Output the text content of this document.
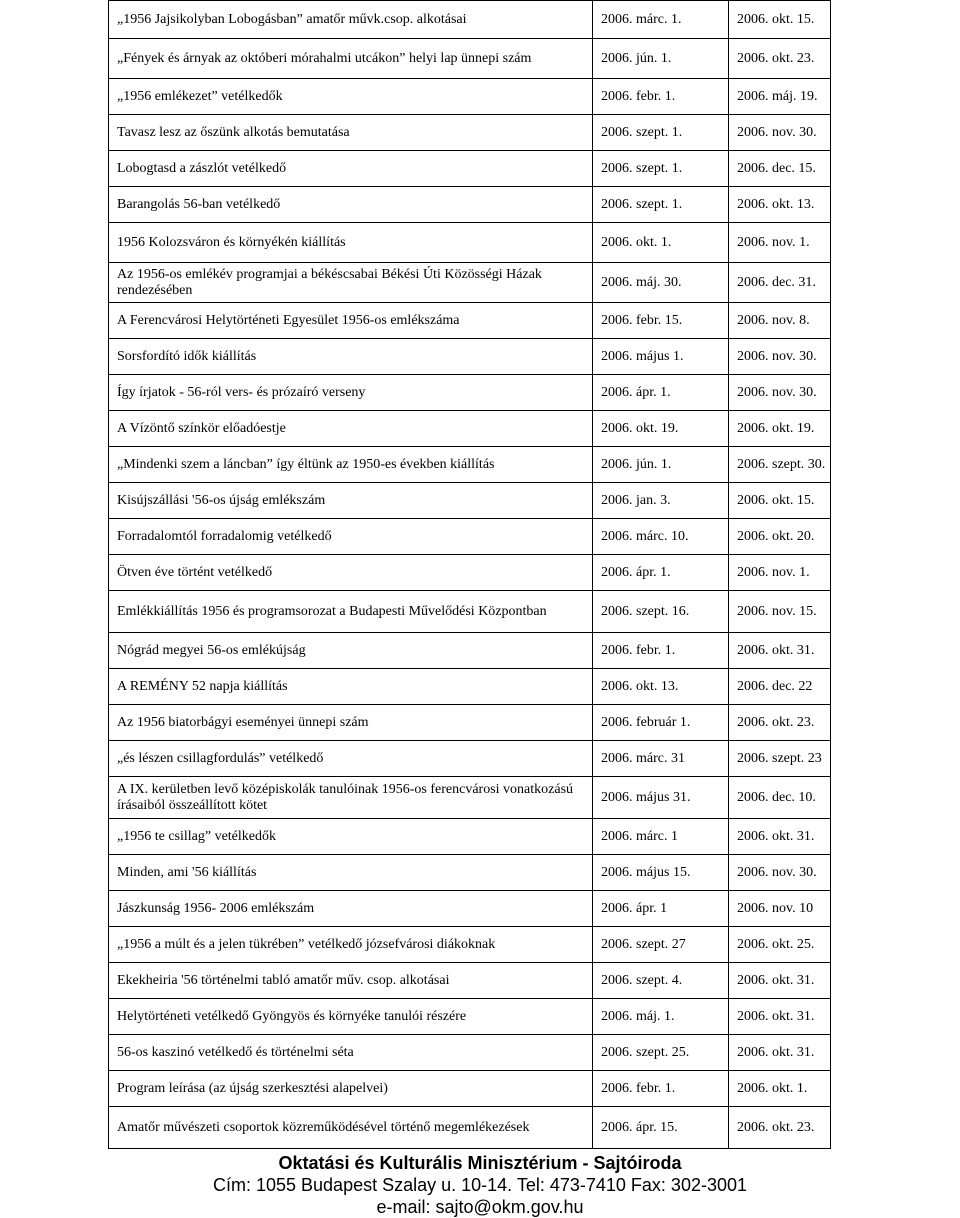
„1956 Jajsikolyban Lobogásban” amatőr művk.csop. alkotásai	2006. márc. 1.	2006. okt. 15.
„Fények és árnyak az októberi mórahalmi utcákon” helyi lap ünnepi szám	2006. jún. 1.	2006. okt. 23.
„1956 emlékezet” vetélkedők	2006. febr. 1.	2006. máj. 19.
Tavasz lesz az őszünk alkotás bemutatása	2006. szept. 1.	2006. nov. 30.
Lobogtasd a zászlót vetélkedő	2006. szept. 1.	2006. dec. 15.
Barangolás 56-ban vetélkedő	2006. szept. 1.	2006. okt. 13.
1956 Kolozsváron és környékén kiállítás	2006. okt. 1.	2006. nov. 1.
Az 1956-os emlékév programjai a békéscsabai Békési Úti Közösségi Házak rendezésében	2006. máj. 30.	2006. dec. 31.
A Ferencvárosi Helytörténeti Egyesület 1956-os emlékszáma	2006. febr. 15.	2006. nov. 8.
Sorsfordító idők kiállítás	2006. május 1.	2006. nov. 30.
Így írjatok - 56-ról vers- és prózaíró verseny	2006. ápr. 1.	2006. nov. 30.
A Vízöntő színkör előadóestje	2006. okt. 19.	2006. okt. 19.
„Mindenki szem a láncban” így éltünk az 1950-es években kiállítás	2006. jún. 1.	2006. szept. 30.
Kisújszállási '56-os újság emlékszám	2006. jan. 3.	2006. okt. 15.
Forradalomtól forradalomig vetélkedő	2006. márc. 10.	2006. okt. 20.
Ötven éve történt vetélkedő	2006. ápr. 1.	2006. nov. 1.
Emlékkiállítás 1956 és programsorozat a Budapesti Művelődési Központban	2006. szept. 16.	2006. nov. 15.
Nógrád megyei 56-os emlékújság	2006. febr. 1.	2006. okt. 31.
A REMÉNY 52 napja kiállítás	2006. okt. 13.	2006. dec. 22
Az 1956 biatorbágyi eseményei ünnepi szám	2006. február 1.	2006. okt. 23.
„és lészen csillagfordulás” vetélkedő	2006. márc. 31	2006. szept. 23
A IX. kerületben levő középiskolák tanulóinak 1956-os ferencvárosi vonatkozású írásaiból összeállított kötet	2006. május 31.	2006. dec. 10.
„1956 te csillag” vetélkedők	2006. márc. 1	2006. okt. 31.
Minden, ami '56 kiállítás	2006. május 15.	2006. nov. 30.
Jászkunság 1956- 2006 emlékszám	2006. ápr. 1	2006. nov. 10
„1956 a múlt és a jelen tükrében” vetélkedő józsefvárosi diákoknak	2006. szept. 27	2006. okt. 25.
Ekekheiria '56 történelmi tabló amatőr műv. csop. alkotásai	2006. szept. 4.	2006. okt. 31.
Helytörténeti vetélkedő Gyöngyös és környéke tanulói részére	2006. máj. 1.	2006. okt. 31.
56-os kaszinó vetélkedő és történelmi séta	2006. szept. 25.	2006. okt. 31.
Program leírása (az újság szerkesztési alapelvei)	2006. febr. 1.	2006. okt. 1.
Amatőr művészeti csoportok közreműködésével történő megemlékezések	2006. ápr. 15.	2006. okt. 23.
Oktatási és Kulturális Minisztérium - Sajtóiroda
Cím: 1055 Budapest Szalay u. 10-14. Tel: 473-7410 Fax: 302-3001
e-mail: sajto@okm.gov.hu
